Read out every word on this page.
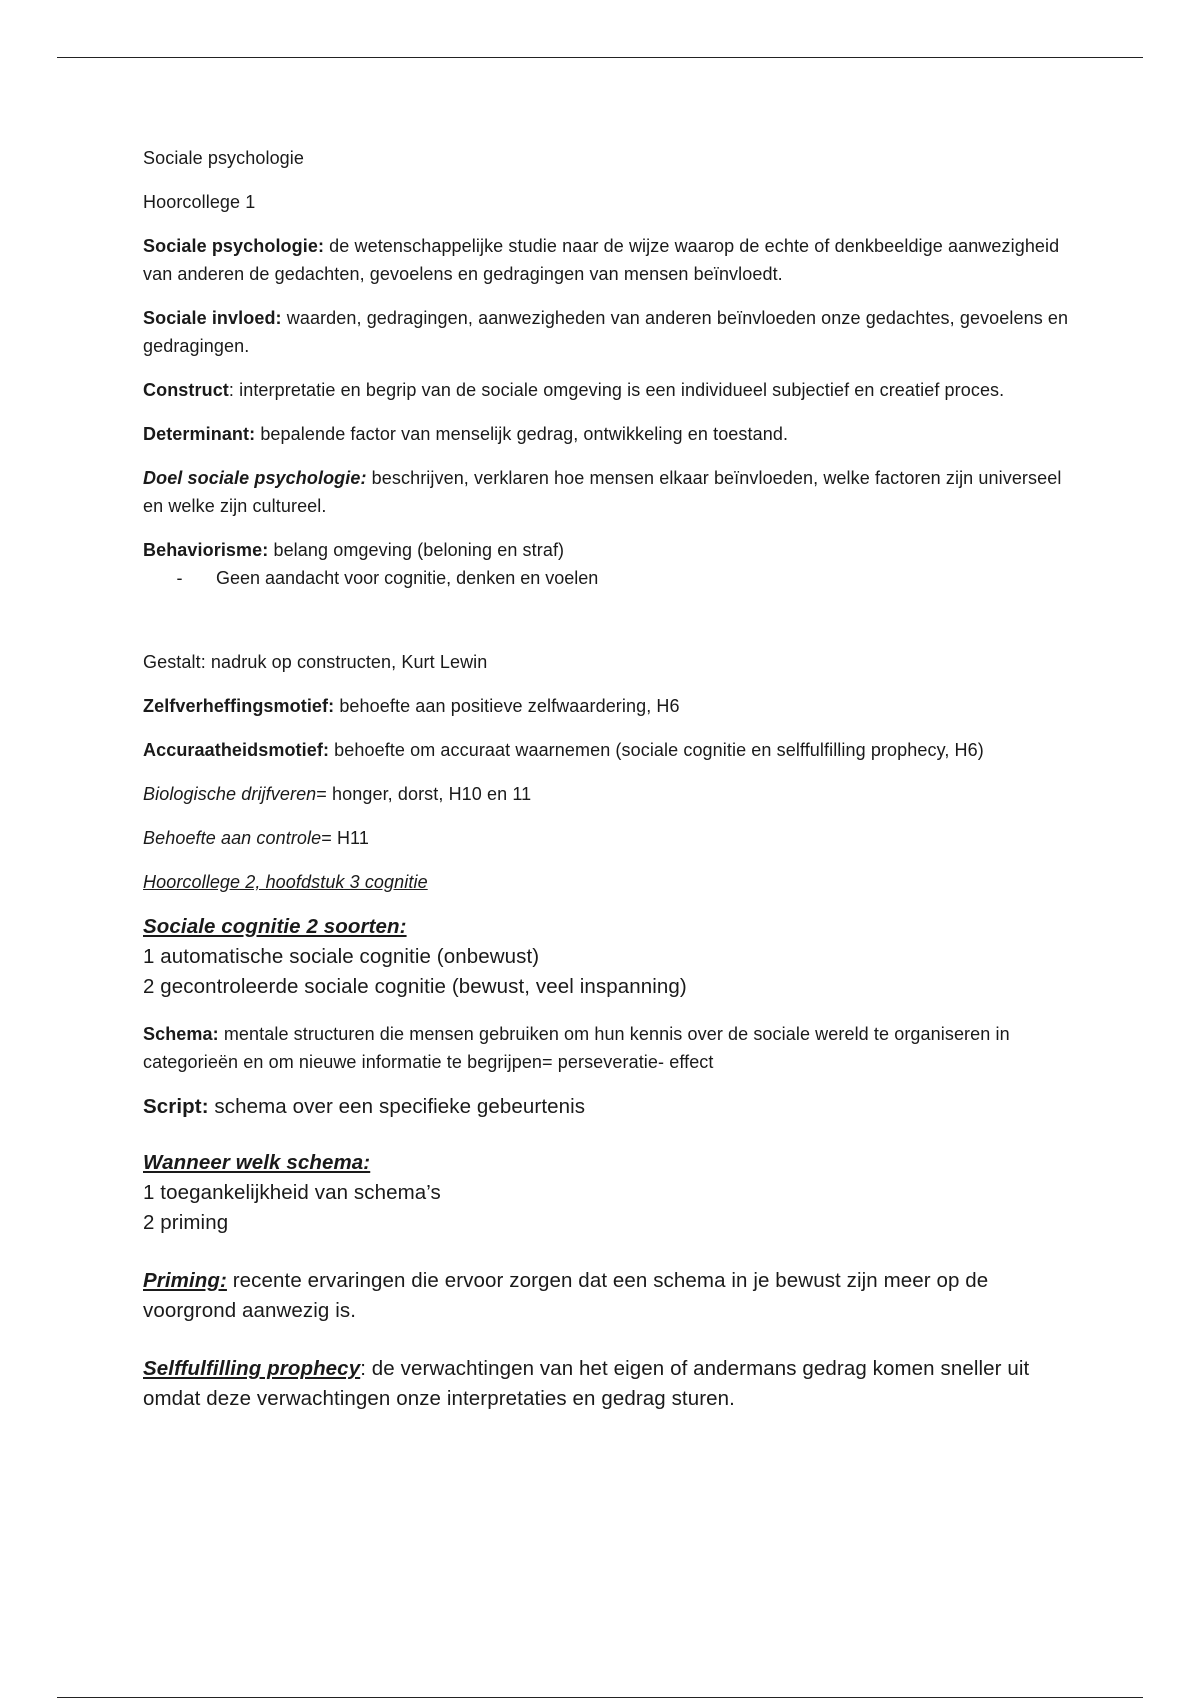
Sociale psychologie

Hoorcollege 1

Sociale psychologie: de wetenschappelijke studie naar de wijze waarop de echte of denkbeeldige aanwezigheid van anderen de gedachten, gevoelens en gedragingen van mensen beïnvloedt.

Sociale invloed: waarden, gedragingen, aanwezigheden van anderen beïnvloeden onze gedachtes, gevoelens en gedragingen.

Construct: interpretatie en begrip van de sociale omgeving is een individueel subjectief en creatief proces.

Determinant: bepalende factor van menselijk gedrag, ontwikkeling en toestand.

Doel sociale psychologie: beschrijven, verklaren hoe mensen elkaar beïnvloeden, welke factoren zijn universeel en welke zijn cultureel.

Behaviorisme: belang omgeving (beloning en straf)

-	Geen aandacht voor cognitie, denken en voelen

Gestalt: nadruk op constructen, Kurt Lewin

Zelfverheffingsmotief: behoefte aan positieve zelfwaardering, H6

Accuraatheidsmotief: behoefte om accuraat waarnemen (sociale cognitie en selffulfilling prophecy, H6)

Biologische drijfveren= honger, dorst, H10 en 11

Behoefte aan controle= H11

Hoorcollege 2, hoofdstuk 3 cognitie

Sociale cognitie 2 soorten:
1 automatische sociale cognitie (onbewust)
2 gecontroleerde sociale cognitie (bewust, veel inspanning)

Schema: mentale structuren die mensen gebruiken om hun kennis over de sociale wereld te organiseren in categorieën en om nieuwe informatie te begrijpen= perseveratie- effect

Script: schema over een specifieke gebeurtenis

Wanneer welk schema:
1 toegankelijkheid van schema’s
2 priming

Priming: recente ervaringen die ervoor zorgen dat een schema in je bewust zijn meer op de voorgrond aanwezig is.

Selffulfilling prophecy: de verwachtingen van het eigen of andermans gedrag komen sneller uit omdat deze verwachtingen onze interpretaties en gedrag sturen.
